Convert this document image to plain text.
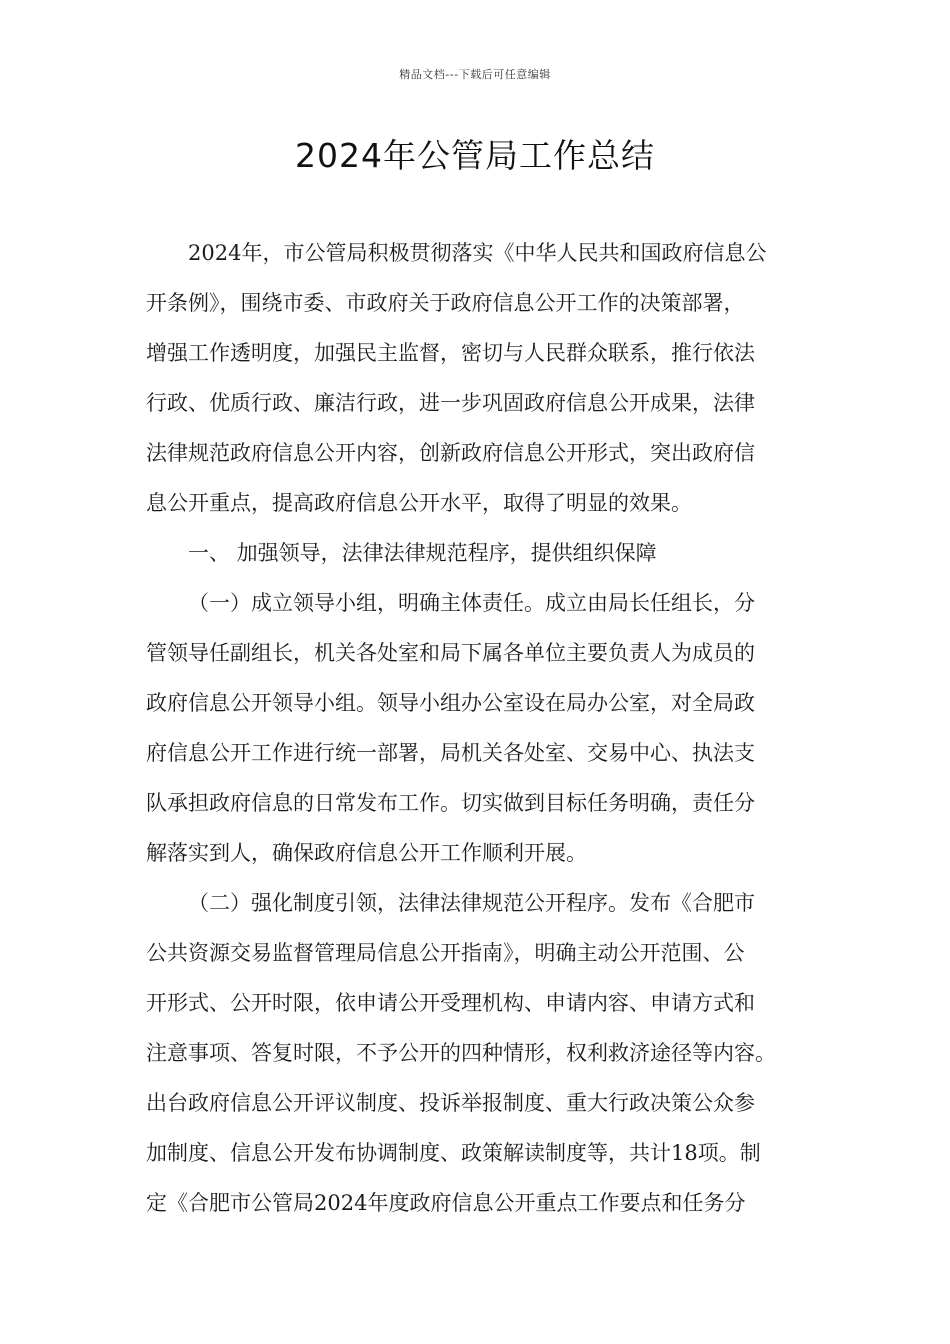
精品文档---下载后可任意编辑
2024年公管局工作总结
2024年，市公管局积极贯彻落实《中华人民共和国政府信息公
开条例》，围绕市委、市政府关于政府信息公开工作的决策部署，
增强工作透明度，加强民主监督，密切与人民群众联系，推行依法
行政、优质行政、廉洁行政，进一步巩固政府信息公开成果，法律
法律规范政府信息公开内容，创新政府信息公开形式，突出政府信
息公开重点，提高政府信息公开水平，取得了明显的效果。
一、 加强领导，法律法律规范程序，提供组织保障
（一）成立领导小组，明确主体责任。成立由局长任组长，分
管领导任副组长，机关各处室和局下属各单位主要负责人为成员的
政府信息公开领导小组。领导小组办公室设在局办公室，对全局政
府信息公开工作进行统一部署，局机关各处室、交易中心、执法支
队承担政府信息的日常发布工作。切实做到目标任务明确，责任分
解落实到人，确保政府信息公开工作顺利开展。
（二）强化制度引领，法律法律规范公开程序。发布《合肥市
公共资源交易监督管理局信息公开指南》，明确主动公开范围、公
开形式、公开时限，依申请公开受理机构、申请内容、申请方式和
注意事项、答复时限，不予公开的四种情形，权利救济途径等内容。
出台政府信息公开评议制度、投诉举报制度、重大行政决策公众参
加制度、信息公开发布协调制度、政策解读制度等，共计18项。制
定《合肥市公管局2024年度政府信息公开重点工作要点和任务分
